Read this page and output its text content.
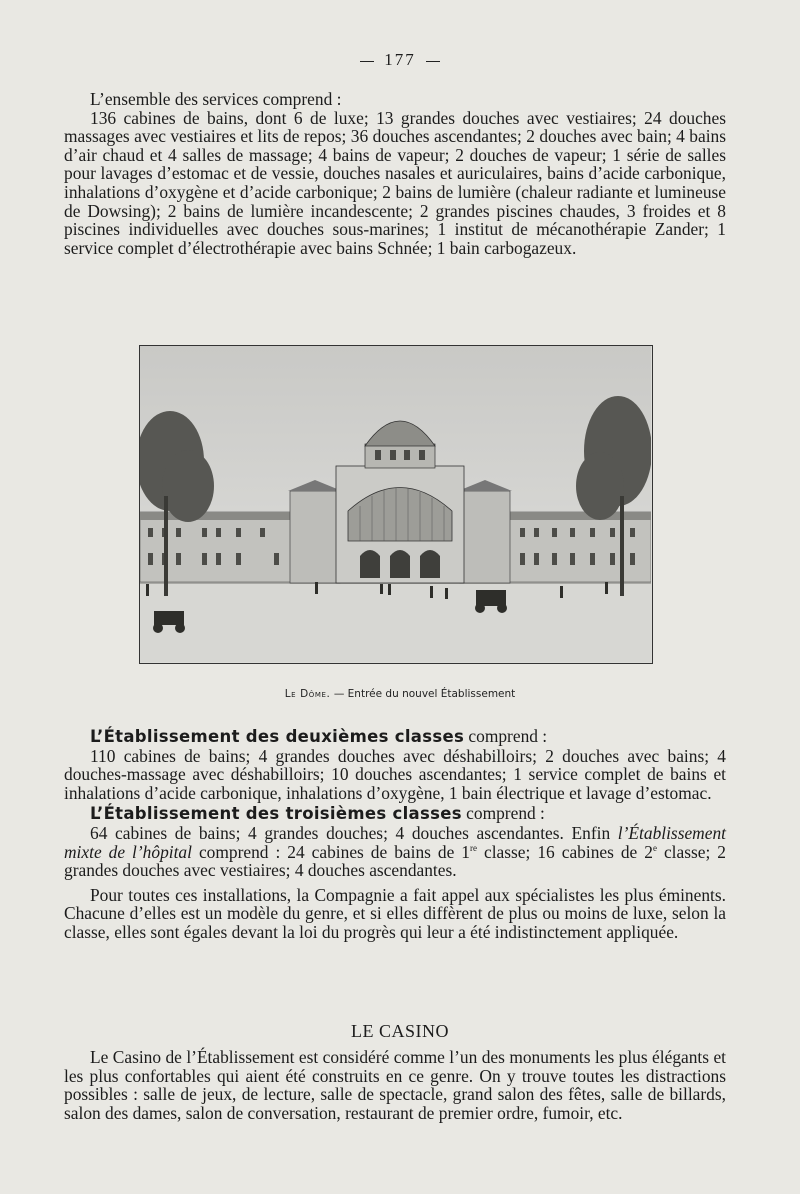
177

L’ensemble des services comprend :

136 cabines de bains, dont 6 de luxe; 13 grandes douches avec vestiaires; 24 douches massages avec vestiaires et lits de repos; 36 douches ascendantes; 2 douches avec bain; 4 bains d’air chaud et 4 salles de massage; 4 bains de vapeur; 2 douches de vapeur; 1 série de salles pour lavages d’estomac et de vessie, douches nasales et auriculaires, bains d’acide carbonique, inhalations d’oxygène et d’acide carbonique; 2 bains de lumière (chaleur radiante et lumineuse de Dowsing); 2 bains de lumière incandescente; 2 grandes piscines chaudes, 3 froides et 8 piscines individuelles avec douches sous-marines; 1 institut de mécanothérapie Zander; 1 service complet d’électrothérapie avec bains Schnée; 1 bain carbogazeux.

Le Dôme. — Entrée du nouvel Établissement

L’Établissement des deuxièmes classes comprend :

110 cabines de bains; 4 grandes douches avec déshabilloirs; 2 douches avec bains; 4 douches-massage avec déshabilloirs; 10 douches ascendantes; 1 service complet de bains et inhalations d’acide carbonique, inhalations d’oxygène, 1 bain électrique et lavage d’estomac.

L’Établissement des troisièmes classes comprend :

64 cabines de bains; 4 grandes douches; 4 douches ascendantes. Enfin l’Établissement mixte de l’hôpital comprend : 24 cabines de bains de 1re classe; 16 cabines de 2e classe; 2 grandes douches avec vestiaires; 4 douches ascendantes.

Pour toutes ces installations, la Compagnie a fait appel aux spécialistes les plus éminents. Chacune d’elles est un modèle du genre, et si elles diffèrent de plus ou moins de luxe, selon la classe, elles sont égales devant la loi du progrès qui leur a été indistinctement appliquée.

LE CASINO

Le Casino de l’Établissement est considéré comme l’un des monuments les plus élégants et les plus confortables qui aient été construits en ce genre. On y trouve toutes les distractions possibles : salle de jeux, de lecture, salle de spectacle, grand salon des fêtes, salle de billards, salon des dames, salon de conversation, restaurant de premier ordre, fumoir, etc.
